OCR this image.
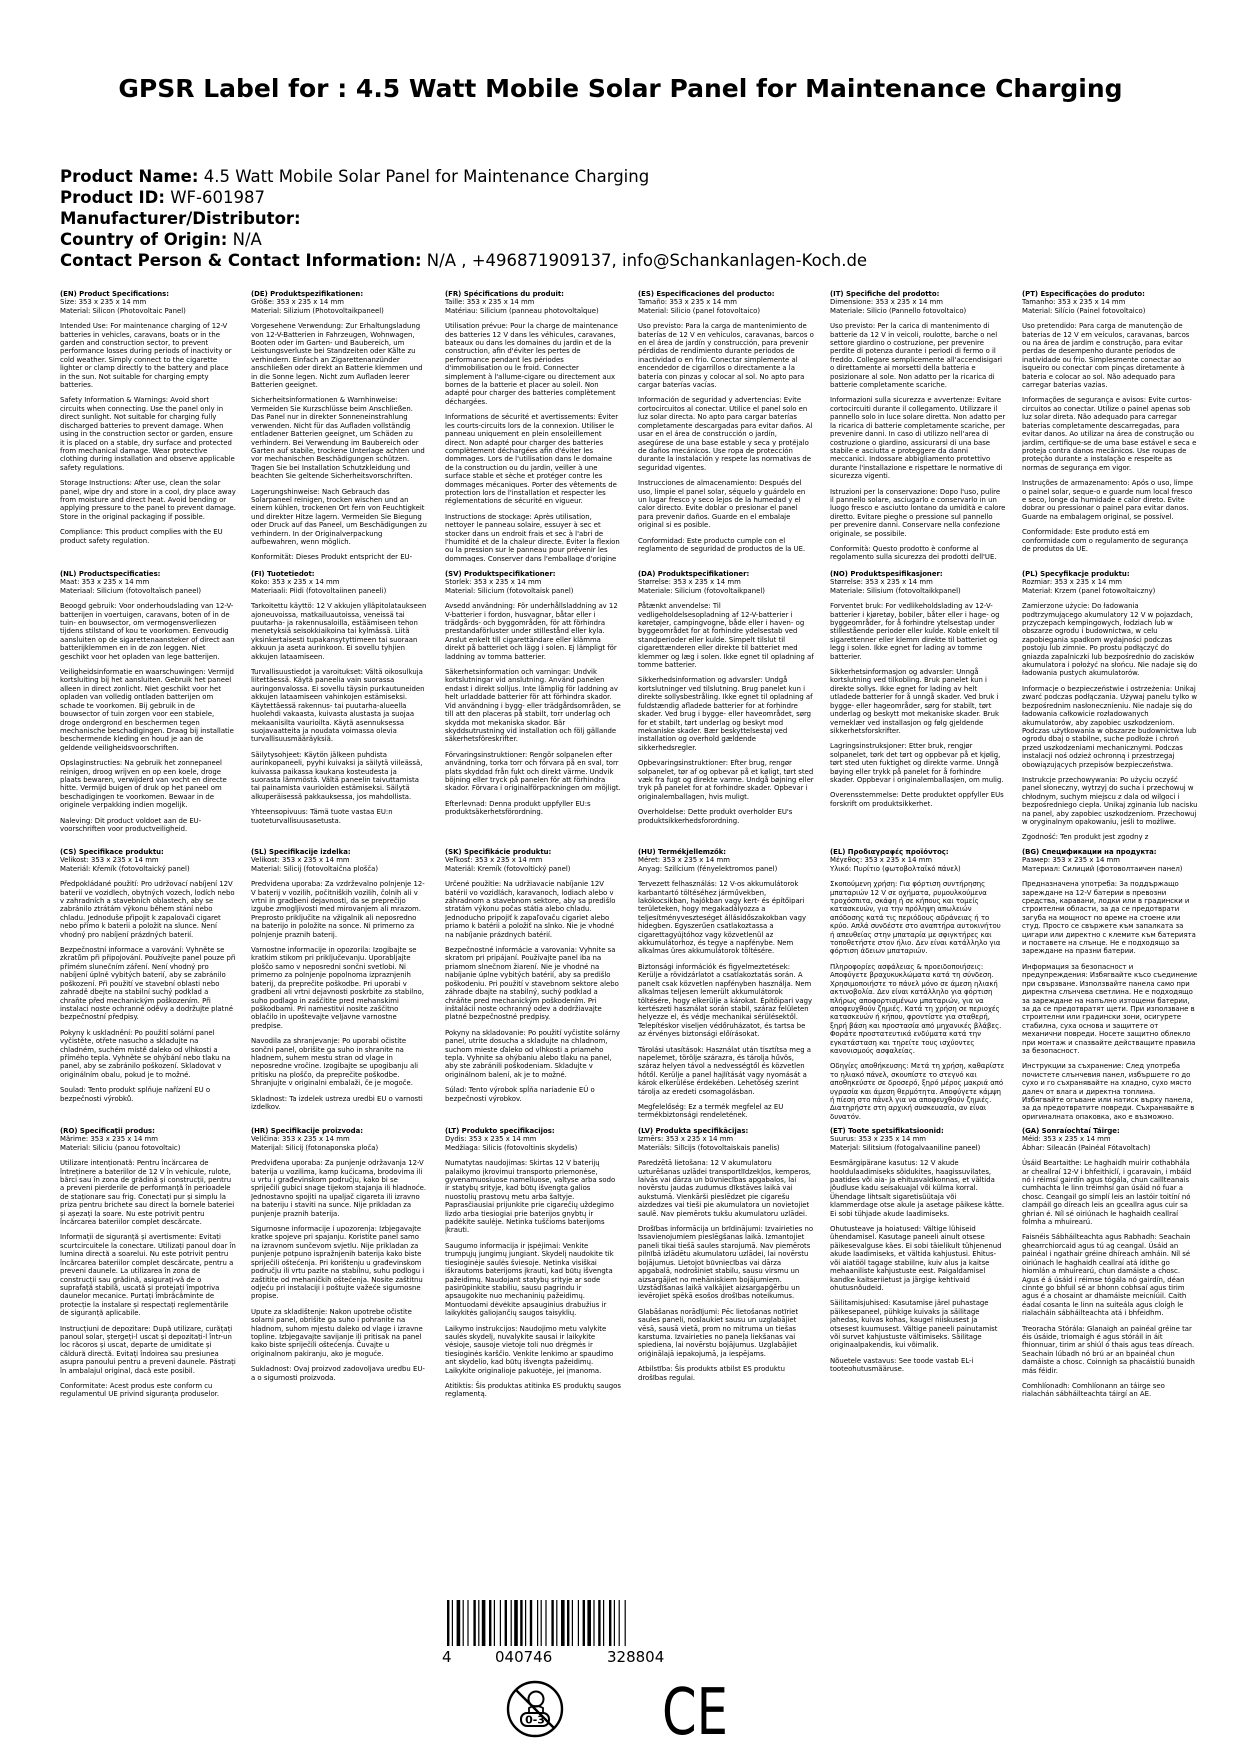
GPSR Label for : 4.5 Watt Mobile Solar Panel for Maintenance Charging
Product Name: 4.5 Watt Mobile Solar Panel for Maintenance Charging
Product ID: WF-601987
Manufacturer/Distributor:
Country of Origin: N/A
Contact Person & Contact Information: N/A , +496871909137, info@Schankanlagen-Koch.de
(EN) Product Specifications:

Size: 353 x 235 x 14 mm
Material: Silicon (Photovoltaic Panel)

Intended Use: For maintenance charging of 12-V batteries in vehicles, caravans, boats or in the garden and construction sector, to prevent performance losses during periods of inactivity or cold weather. Simply connect to the cigarette lighter or clamp directly to the battery and place in the sun. Not suitable for charging empty batteries.

Safety Information & Warnings: Avoid short circuits when connecting. Use the panel only in direct sunlight. Not suitable for charging fully discharged batteries to prevent damage. When using in the construction sector or garden, ensure it is placed on a stable, dry surface and protected from mechanical damage. Wear protective clothing during installation and observe applicable safety regulations.

Storage Instructions: After use, clean the solar panel, wipe dry and store in a cool, dry place away from moisture and direct heat. Avoid bending or applying pressure to the panel to prevent damage. Store in the original packaging if possible.

Compliance: This product complies with the EU product safety regulation.

(DE) Produktspezifikationen:

Größe: 353 x 235 x 14 mm
Material: Silizium (Photovoltaikpaneel)

Vorgesehene Verwendung: Zur Erhaltungsladung von 12-V-Batterien in Fahrzeugen, Wohnwagen, Booten oder im Garten- und Baubereich, um Leistungsverluste bei Standzeiten oder Kälte zu verhindern. Einfach an Zigarettenanzünder anschließen oder direkt an Batterie klemmen und in die Sonne legen. Nicht zum Aufladen leerer Batterien geeignet.

Sicherheitsinformationen & Warnhinweise: Vermeiden Sie Kurzschlüsse beim Anschließen. Das Panel nur in direkter Sonneneinstrahlung verwenden. Nicht für das Aufladen vollständig entladener Batterien geeignet, um Schäden zu verhindern. Bei Verwendung im Baubereich oder Garten auf stabile, trockene Unterlage achten und vor mechanischen Beschädigungen schützen. Tragen Sie bei Installation Schutzkleidung und beachten Sie geltende Sicherheitsvorschriften.

Lagerungshinweise: Nach Gebrauch das Solarpaneel reinigen, trocken wischen und an einem kühlen, trockenen Ort fern von Feuchtigkeit und direkter Hitze lagern. Vermeiden Sie Biegung oder Druck auf das Paneel, um Beschädigungen zu verhindern. In der Originalverpackung aufbewahren, wenn möglich.

Konformität: Dieses Produkt entspricht der EU-

(FR) Spécifications du produit:

Taille: 353 x 235 x 14 mm
Matériau: Silicium (panneau photovoltaïque)

Utilisation prévue: Pour la charge de maintenance des batteries 12 V dans les véhicules, caravanes, bateaux ou dans les domaines du jardin et de la construction, afin d'éviter les pertes de performance pendant les périodes d'immobilisation ou le froid. Connecter simplement à l'allume-cigare ou directement aux bornes de la batterie et placer au soleil. Non adapté pour charger des batteries complètement déchargées.

Informations de sécurité et avertissements: Éviter les courts-circuits lors de la connexion. Utiliser le panneau uniquement en plein ensoleillement direct. Non adapté pour charger des batteries complètement déchargées afin d'éviter les dommages. Lors de l'utilisation dans le domaine de la construction ou du jardin, veiller à une surface stable et sèche et protéger contre les dommages mécaniques. Porter des vêtements de protection lors de l'installation et respecter les réglementations de sécurité en vigueur.

Instructions de stockage: Après utilisation, nettoyer le panneau solaire, essuyer à sec et stocker dans un endroit frais et sec à l'abri de l'humidité et de la chaleur directe. Éviter la flexion ou la pression sur le panneau pour prévenir les dommages. Conserver dans l'emballage d'origine

(ES) Especificaciones del producto:

Tamaño: 353 x 235 x 14 mm
Material: Silicio (panel fotovoltaico)

Uso previsto: Para la carga de mantenimiento de baterías de 12 V en vehículos, caravanas, barcos o en el área de jardín y construcción, para prevenir pérdidas de rendimiento durante periodos de inactividad o en frío. Conectar simplemente al encendedor de cigarrillos o directamente a la batería con pinzas y colocar al sol. No apto para cargar baterías vacías.

Información de seguridad y advertencias: Evite cortocircuitos al conectar. Utilice el panel solo en luz solar directa. No apto para cargar baterías completamente descargadas para evitar daños. Al usar en el área de construcción o jardín, asegúrese de una base estable y seca y protéjalo de daños mecánicos. Use ropa de protección durante la instalación y respete las normativas de seguridad vigentes.

Instrucciones de almacenamiento: Después del uso, limpie el panel solar, séquelo y guárdelo en un lugar fresco y seco lejos de la humedad y el calor directo. Evite doblar o presionar el panel para prevenir daños. Guarde en el embalaje original si es posible.

Conformidad: Este producto cumple con el reglamento de seguridad de productos de la UE.

(IT) Specifiche del prodotto:

Dimensione: 353 x 235 x 14 mm
Materiale: Silicio (Pannello fotovoltaico)

Uso previsto: Per la carica di mantenimento di batterie da 12 V in veicoli, roulotte, barche o nel settore giardino o costruzione, per prevenire perdite di potenza durante i periodi di fermo o il freddo. Collegare semplicemente all'accendisigari o direttamente ai morsetti della batteria e posizionare al sole. Non adatto per la ricarica di batterie completamente scariche.

Informazioni sulla sicurezza e avvertenze: Evitare cortocircuiti durante il collegamento. Utilizzare il pannello solo in luce solare diretta. Non adatto per la ricarica di batterie completamente scariche, per prevenire danni. In caso di utilizzo nell'area di costruzione o giardino, assicurarsi di una base stabile e asciutta e proteggere da danni meccanici. Indossare abbigliamento protettivo durante l'installazione e rispettare le normative di sicurezza vigenti.

Istruzioni per la conservazione: Dopo l'uso, pulire il pannello solare, asciugarlo e conservarlo in un luogo fresco e asciutto lontano da umidità e calore diretto. Evitare pieghe o pressione sul pannello per prevenire danni. Conservare nella confezione originale, se possibile.

Conformità: Questo prodotto è conforme al regolamento sulla sicurezza dei prodotti dell'UE.

(PT) Especificações do produto:

Tamanho: 353 x 235 x 14 mm
Material: Silício (Painel fotovoltaico)

Uso pretendido: Para carga de manutenção de baterias de 12 V em veículos, caravanas, barcos ou na área de jardim e construção, para evitar perdas de desempenho durante períodos de inatividade ou frio. Simplesmente conectar ao isqueiro ou conectar com pinças diretamente à bateria e colocar ao sol. Não adequado para carregar baterias vazias.

Informações de segurança e avisos: Evite curtos-circuitos ao conectar. Utilize o painel apenas sob luz solar direta. Não adequado para carregar baterias completamente descarregadas, para evitar danos. Ao utilizar na área de construção ou jardim, certifique-se de uma base estável e seca e proteja contra danos mecânicos. Use roupas de proteção durante a instalação e respeite as normas de segurança em vigor.

Instruções de armazenamento: Após o uso, limpe o painel solar, seque-o e guarde num local fresco e seco, longe da humidade e calor direto. Evite dobrar ou pressionar o painel para evitar danos. Guarde na embalagem original, se possível.

Conformidade: Este produto está em conformidade com o regulamento de segurança de produtos da UE.

(NL) Productspecificaties:

Maat: 353 x 235 x 14 mm
Materiaal: Silicium (fotovoltaïsch paneel)

Beoogd gebruik: Voor onderhoudslading van 12-V-batterijen in voertuigen, caravans, boten of in de tuin- en bouwsector, om vermogensverliezen tijdens stilstand of kou te voorkomen. Eenvoudig aansluiten op de sigarettenaansteker of direct aan batterijklemmen en in de zon leggen. Niet geschikt voor het opladen van lege batterijen.

Veiligheidsinformatie en waarschuwingen: Vermijd kortsluiting bij het aansluiten. Gebruik het paneel alleen in direct zonlicht. Niet geschikt voor het opladen van volledig ontladen batterijen om schade te voorkomen. Bij gebruik in de bouwsector of tuin zorgen voor een stabiele, droge ondergrond en beschermen tegen mechanische beschadigingen. Draag bij installatie beschermende kleding en houd je aan de geldende veiligheidsvoorschriften.

Opslaginstructies: Na gebruik het zonnepaneel reinigen, droog wrijven en op een koele, droge plaats bewaren, verwijderd van vocht en directe hitte. Vermijd buigen of druk op het paneel om beschadigingen te voorkomen. Bewaar in de originele verpakking indien mogelijk.

Naleving: Dit product voldoet aan de EU-voorschriften voor productveiligheid.

(FI) Tuotetiedot:

Koko: 353 x 235 x 14 mm
Materiaali: Piidi (fotovoltaiinen paneeli)

Tarkoitettu käyttö: 12 V akkujen ylläpitolataukseen ajoneuvoissa, matkailuautoissa, veneissä tai puutarha- ja rakennusaloilla, estäämiseen tehon menetyksiä seisokkiaikoina tai kylmässä. Liitä yksinkertaisesti tupakansytyttimeen tai suoraan akkuun ja aseta aurinkoon. Ei sovellu tyhjien akkujen lataamiseen.

Turvallisuustiedot ja varoitukset: Vältä oikosulkuja liitettäessä. Käytä paneelia vain suorassa auringonvalossa. Ei sovellu täysin purkautuneiden akkujen lataamiseen vahinkojen estämiseksi. Käytettäessä rakennus- tai puutarha-alueella huolehdi vakaasta, kuivasta alustasta ja suojaa mekaanisilta vaurioilta. Käytä asennuksessa suojavaatteita ja noudata voimassa olevia turvallisuusmääräyksiä.

Säilytysohjeet: Käytön jälkeen puhdista aurinkopaneeli, pyyhi kuivaksi ja säilytä viileässä, kuivassa paikassa kaukana kosteudesta ja suorasta lämmöstä. Vältä paneelin taivuttamista tai painamista vaurioiden estämiseksi. Säilytä alkuperäisessä pakkauksessa, jos mahdollista.

Yhteensopivuus: Tämä tuote vastaa EU:n tuoteturvallisuusasetusta.

(SV) Produktspecifikationer:

Storlek: 353 x 235 x 14 mm
Material: Silicium (fotovoltaisk panel)

Avsedd användning: För underhållsladdning av 12 V-batterier i fordon, husvagnar, båtar eller i trädgårds- och byggområden, för att förhindra prestandaförluster under stillestånd eller kyla. Anslut enkelt till cigarettändare eller klämma direkt på batteriet och lägg i solen. Ej lämpligt för laddning av tomma batterier.

Säkerhetsinformation och varningar: Undvik kortslutningar vid anslutning. Använd panelen endast i direkt solljus. Inte lämplig för laddning av helt urladdade batterier för att förhindra skador. Vid användning i bygg- eller trädgårdsområden, se till att den placeras på stabilt, torr underlag och skydda mot mekaniska skador. Bär skyddsutrustning vid installation och följ gällande säkerhetsföreskrifter.

Förvaringsinstruktioner: Rengör solpanelen efter användning, torka torr och förvara på en sval, torr plats skyddad från fukt och direkt värme. Undvik böjning eller tryck på panelen för att förhindra skador. Förvara i originalförpackningen om möjligt.

Efterlevnad: Denna produkt uppfyller EU:s produktsäkerhetsförordning.

(DA) Produktspecifikationer:

Størrelse: 353 x 235 x 14 mm
Materiale: Silicium (fotovoltaikpanel)

Påtænkt anvendelse: Til vedligeholdelsesopladning af 12-V-batterier i køretøjer, campingvogne, både eller i haven- og byggeområdet for at forhindre ydelsestab ved standperioder eller kulde. Simpelt tilslut til cigarettænderen eller direkte til batteriet med klemmer og læg i solen. Ikke egnet til opladning af tomme batterier.

Sikkerhedsinformation og advarsler: Undgå kortslutninger ved tilslutning. Brug panelet kun i direkte sollysbestråling. Ikke egnet til opladning af fuldstændig afladede batterier for at forhindre skader. Ved brug i bygge- eller haveområdet, sørg for et stabilt, tørt underlag og beskyt mod mekaniske skader. Bær beskyttelsestøj ved installation og overhold gældende sikkerhedsregler.

Opbevaringsinstruktioner: Efter brug, rengør solpanelet, tør af og opbevar på et køligt, tørt sted væk fra fugt og direkte varme. Undgå bøjning eller tryk på panelet for at forhindre skader. Opbevar i originalemballagen, hvis muligt.

Overholdelse: Dette produkt overholder EU's produktsikkerhedsforordning.

(NO) Produktspesifikasjoner:

Størrelse: 353 x 235 x 14 mm
Materiale: Silisium (fotovoltaikkpanel)

Forventet bruk: For vedlikeholdslading av 12-V-batterier i kjøretøy, bobiler, båter eller i hage- og byggeområder, for å forhindre ytelsestap under stillestående perioder eller kulde. Koble enkelt til sigarettenner eller klemm direkte til batteriet og legg i solen. Ikke egnet for lading av tomme batterier.

Sikkerhetsinformasjon og advarsler: Unngå kortslutning ved tilkobling. Bruk panelet kun i direkte sollys. Ikke egnet for lading av helt utladede batterier for å unngå skader. Ved bruk i bygge- eller hageområder, sørg for stabilt, tørt underlag og beskytt mot mekaniske skader. Bruk verneklær ved installasjon og følg gjeldende sikkerhetsforskrifter.

Lagringsinstruksjoner: Etter bruk, rengjør solpanelet, tørk det tørt og oppbevar på et kjølig, tørt sted uten fuktighet og direkte varme. Unngå bøying eller trykk på panelet for å forhindre skader. Oppbevar i originalemballasjen, om mulig.

Overensstemmelse: Dette produktet oppfyller EUs forskrift om produktsikkerhet.

(PL) Specyfikacje produktu:

Rozmiar: 353 x 235 x 14 mm
Materiał: Krzem (panel fotowoltaiczny)

Zamierzone użycie: Do ładowania podtrzymującego akumulatory 12 V w pojazdach, przyczepach kempingowych, łodziach lub w obszarze ogrodu i budownictwa, w celu zapobiegania spadkom wydajności podczas postoju lub zimnie. Po prostu podłączyć do gniazda zapalniczki lub bezpośrednio do zacisków akumulatora i położyć na słońcu. Nie nadaje się do ładowania pustych akumulatorów.

Informacje o bezpieczeństwie i ostrzeżenia: Unikaj zwarć podczas podłączania. Używaj panelu tylko w bezpośrednim nasłonecznieniu. Nie nadaje się do ładowania całkowicie rozładowanych akumulatorów, aby zapobiec uszkodzeniom. Podczas użytkowania w obszarze budownictwa lub ogrodu dbaj o stabilne, suche podłoże i chroń przed uszkodzeniami mechanicznymi. Podczas instalacji noś odzież ochronną i przestrzegaj obowiązujących przepisów bezpieczeństwa.

Instrukcje przechowywania: Po użyciu oczyść panel słoneczny, wytrzyj do sucha i przechowuj w chłodnym, suchym miejscu z dala od wilgoci i bezpośredniego ciepła. Unikaj zginania lub nacisku na panel, aby zapobiec uszkodzeniom. Przechowuj w oryginalnym opakowaniu, jeśli to możliwe.

Zgodność: Ten produkt jest zgodny z

(CS) Specifikace produktu:

Velikost: 353 x 235 x 14 mm
Materiál: Křemík (fotovoltaický panel)

Předpokládané použití: Pro udržovací nabíjení 12V baterií ve vozidlech, obytných vozech, lodích nebo v zahradních a stavebních oblastech, aby se zabránilo ztrátám výkonu během stání nebo chladu. Jednoduše připojit k zapalovači cigaret nebo přímo k baterii a položit na slunce. Není vhodný pro nabíjení prázdných baterií.

Bezpečnostní informace a varování: Vyhněte se zkratům při připojování. Používejte panel pouze při přímém slunečním záření. Není vhodný pro nabíjení úplně vybitých baterií, aby se zabránilo poškození. Při použití ve stavební oblasti nebo zahradě dbejte na stabilní suchý podklad a chraňte před mechanickým poškozením. Při instalaci noste ochranné oděvy a dodržujte platné bezpečnostní předpisy.

Pokyny k uskladnění: Po použití solární panel vyčistěte, otřete nasucho a skladujte na chladném, suchém místě daleko od vlhkosti a přímého tepla. Vyhněte se ohýbání nebo tlaku na panel, aby se zabránilo poškození. Skladovat v originálním obalu, pokud je to možné.

Soulad: Tento produkt splňuje nařízení EU o bezpečnosti výrobků.

(SL) Specifikacije izdelka:

Velikost: 353 x 235 x 14 mm
Material: Silicij (fotovoltaična plošča)

Predvidena uporaba: Za vzdrževalno polnjenje 12-V baterij v vozilih, počitniških vozilih, čolnih ali v vrtni in gradbeni dejavnosti, da se preprečijo izgube zmogljivosti med mirovanjem ali mrazom. Preprosto priključite na vžigalnik ali neposredno na baterijo in položite na sonce. Ni primerno za polnjenje praznih baterij.

Varnostne informacije in opozorila: Izogibajte se kratkim stikom pri priključevanju. Uporabljajte ploščo samo v neposredni sončni svetlobi. Ni primerno za polnjenje popolnoma izpraznjenih baterij, da preprečite poškodbe. Pri uporabi v gradbeni ali vrtni dejavnosti poskrbite za stabilno, suho podlago in zaščitite pred mehanskimi poškodbami. Pri namestitvi nosite zaščitno oblačilo in upoštevajte veljavne varnostne predpise.

Navodila za shranjevanje: Po uporabi očistite sončni panel, obrišite ga suho in shranite na hladnem, suhem mestu stran od vlage in neposredne vročine. Izogibajte se upogibanju ali pritisku na ploščo, da preprečite poškodbe. Shranjujte v originalni embalaži, če je mogoče.

Skladnost: Ta izdelek ustreza uredbi EU o varnosti izdelkov.

(SK) Špecifikácie produktu:

Veľkosť: 353 x 235 x 14 mm
Materiál: Kremík (fotovoltický panel)

Určené použitie: Na udržiavacie nabíjanie 12V batérií vo vozidlách, karavanoch, lodiach alebo v záhradnom a stavebnom sektore, aby sa predišlo stratám výkonu počas státia alebo chladu. Jednoducho pripojiť k zapaľovaču cigariet alebo priamo k batérii a položiť na slnko. Nie je vhodné na nabíjanie prázdnych batérií.

Bezpečnostné informácie a varovania: Vyhnite sa skratom pri pripájaní. Používajte panel iba na priamom slnečnom žiarení. Nie je vhodné na nabíjanie úplne vybitých batérií, aby sa predišlo poškodeniu. Pri použití v stavebnom sektore alebo záhrade dbajte na stabilný, suchý podklad a chráňte pred mechanickým poškodením. Pri inštalácii noste ochranný odev a dodržiavajte platné bezpečnostné predpisy.

Pokyny na skladovanie: Po použití vyčistite solárny panel, utrite dosucha a skladujte na chladnom, suchom mieste ďaleko od vlhkosti a priameho tepla. Vyhnite sa ohýbaniu alebo tlaku na panel, aby ste zabránili poškodeniam. Skladujte v originálnom balení, ak je to možné.

Súlad: Tento výrobok spĺňa nariadenie EÚ o bezpečnosti výrobkov.

(HU) Termékjellemzők:

Méret: 353 x 235 x 14 mm
Anyag: Szilícium (fényelektromos panel)

Tervezett felhasználás: 12 V-os akkumulátorok karbantartó töltéséhez járművekben, lakókocsikban, hajókban vagy kert- és építőipari területeken, hogy megakadályozza a teljesítményveszteséget állásidőszakokban vagy hidegben. Egyszerűen csatlakoztassa a cigarettagyújtóhoz vagy közvetlenül az akkumulátorhoz, és tegye a napfénybe. Nem alkalmas üres akkumulátorok töltésére.

Biztonsági információk és figyelmeztetések: Kerülje a rövidzárlatot a csatlakoztatás során. A panelt csak közvetlen napfényben használja. Nem alkalmas teljesen lemerült akkumulátorok töltésére, hogy elkerülje a károkat. Építőipari vagy kertészeti használat során stabil, száraz felületen helyezze el, és védje mechanikai sérülésektől. Telepítéskor viseljen védőruházatot, és tartsa be az érvényes biztonsági előírásokat.

Tárolási utasítások: Használat után tisztítsa meg a napelemet, törölje szárazra, és tárolja hűvös, száraz helyen távol a nedvességtől és közvetlen hőtől. Kerülje a panel hajlítását vagy nyomását a károk elkerülése érdekében. Lehetőség szerint tárolja az eredeti csomagolásban.

Megfelelőség: Ez a termék megfelel az EU termékbiztonsági rendeletének.

(EL) Προδιαγραφές προϊόντος:

Μέγεθος: 353 x 235 x 14 mm
Υλικό: Πυρίτιο (φωτοβολταϊκό πάνελ)

Σκοπούμενη χρήση: Για φόρτιση συντήρησης μπαταριών 12 V σε οχήματα, ρυμουλκούμενα τροχόσπιτα, σκάφη ή σε κήπους και τομείς κατασκευών, για την πρόληψη απωλειών απόδοσης κατά τις περιόδους αδράνειας ή το κρύο. Απλά συνδέστε στο αναπτήρα αυτοκινήτου ή απευθείας στην μπαταρία με σφιγκτήρες και τοποθετήστε στον ήλιο. Δεν είναι κατάλληλο για φόρτιση άδειων μπαταριών.

Πληροφορίες ασφάλειας & προειδοποιήσεις: Αποφύγετε βραχυκυκλώματα κατά τη σύνδεση. Χρησιμοποιήστε το πάνελ μόνο σε άμεση ηλιακή ακτινοβολία. Δεν είναι κατάλληλο για φόρτιση πλήρως αποφορτισμένων μπαταριών, για να αποφευχθούν ζημιές. Κατά τη χρήση σε περιοχές κατασκευών ή κήπου, φροντίστε για σταθερή, ξηρή βάση και προστασία από μηχανικές βλάβες. Φοράτε προστατευτικά ενδύματα κατά την εγκατάσταση και τηρείτε τους ισχύοντες κανονισμούς ασφαλείας.

Οδηγίες αποθήκευσης: Μετά τη χρήση, καθαρίστε το ηλιακό πάνελ, σκουπίστε το στεγνό και αποθηκεύστε σε δροσερό, ξηρό μέρος μακριά από υγρασία και άμεση θερμότητα. Αποφύγετε κάμψη ή πίεση στο πάνελ για να αποφευχθούν ζημιές. Διατηρήστε στη αρχική συσκευασία, αν είναι δυνατόν.

(BG) Спецификации на продукта:

Размер: 353 x 235 x 14 mm
Материал: Силиций (фотоволтаичен панел)

Предназначена употреба: За поддържащо зареждане на 12-V батерии в превозни средства, каравани, лодки или в градински и строителни области, за да се предотврати загуба на мощност по време на стоене или студ. Просто се свържете към запалката за цигари или директно с клемите към батерията и поставете на слънце. Не е подходящо за зареждане на празни батерии.

Информация за безопасност и предупреждения: Избягвайте късо съединение при свързване. Използвайте панела само при директна слънчева светлина. Не е подходящо за зареждане на напълно изтощени батерии, за да се предотвратят щети. При използване в строителни или градински зони, осигурете стабилна, суха основа и защитете от механични повреди. Носете защитно облекло при монтаж и спазвайте действащите правила за безопасност.

Инструкции за съхранение: След употреба почистете слънчевия панел, избършете го до сухо и го съхранявайте на хладно, сухо място далеч от влага и директна топлина. Избягвайте огъване или натиск върху панела, за да предотвратите повреди. Съхранявайте в оригиналната опаковка, ако е възможно.

(RO) Specificații produs:

Mărime: 353 x 235 x 14 mm
Material: Siliciu (panou fotovoltaic)

Utilizare intenționată: Pentru încărcarea de întreținere a bateriilor de 12 V în vehicule, rulote, bărci sau în zona de grădină și construcții, pentru a preveni pierderile de performanță în perioadele de staționare sau frig. Conectați pur și simplu la priza pentru brichete sau direct la bornele bateriei și așezați la soare. Nu este potrivit pentru încărcarea bateriilor complet descărcate.

Informații de siguranță și avertismente: Evitați scurtcircuitele la conectare. Utilizați panoul doar în lumina directă a soarelui. Nu este potrivit pentru încărcarea bateriilor complet descărcate, pentru a preveni daunele. La utilizarea în zona de construcții sau grădină, asigurați-vă de o suprafață stabilă, uscată și protejați împotriva daunelor mecanice. Purtați îmbrăcăminte de protecție la instalare și respectați reglementările de siguranță aplicabile.

Instrucțiuni de depozitare: După utilizare, curățați panoul solar, ștergeți-l uscat și depozitați-l într-un loc răcoros și uscat, departe de umiditate și căldură directă. Evitați îndoirea sau presiunea asupra panoului pentru a preveni daunele. Păstrați în ambalajul original, dacă este posibil.

Conformitate: Acest produs este conform cu regulamentul UE privind siguranța produselor.

(HR) Specifikacije proizvoda:

Veličina: 353 x 235 x 14 mm
Materijal: Silicij (fotonaponska ploča)

Predviđena uporaba: Za punjenje održavanja 12-V baterija u vozilima, kamp kućicama, brodovima ili u vrtu i građevinskom području, kako bi se spriječili gubici snage tijekom stajanja ili hladnoće. Jednostavno spojiti na upaljač cigareta ili izravno na bateriju i staviti na sunce. Nije prikladan za punjenje praznih baterija.

Sigurnosne informacije i upozorenja: Izbjegavajte kratke spojeve pri spajanju. Koristite panel samo na izravnom sunčevom svjetlu. Nije prikladan za punjenje potpuno ispražnjenih baterija kako biste spriječili oštećenja. Pri korištenju u građevinskom području ili vrtu pazite na stabilnu, suhu podlogu i zaštitite od mehaničkih oštećenja. Nosite zaštitnu odjeću pri instalaciji i poštujte važeće sigurnosne propise.

Upute za skladištenje: Nakon upotrebe očistite solarni panel, obrišite ga suho i pohranite na hladnom, suhom mjestu daleko od vlage i izravne topline. Izbjegavajte savijanje ili pritisak na panel kako biste spriječili oštećenja. Čuvajte u originalnom pakiranju, ako je moguće.

Sukladnost: Ovaj proizvod zadovoljava uredbu EU-a o sigurnosti proizvoda.

(LT) Produkto specifikacijos:

Dydis: 353 x 235 x 14 mm
Medžiaga: Silicis (fotovoltinis skydelis)

Numatytas naudojimas: Skirtas 12 V baterijų palaikymo įkrovimui transporto priemonėse, gyvenamuosiuose nameliuose, valtyse arba sodo ir statybų srityje, kad būtų išvengta galios nuostolių prastovų metu arba šaltyje. Paprasčiausiai prijunkite prie cigarečių uždegimo lizdo arba tiesiogiai prie baterijos gnybtų ir padėkite saulėje. Netinka tuščioms baterijoms įkrauti.

Saugumo informacija ir įspėjimai: Venkite trumpųjų jungimų jungiant. Skydelį naudokite tik tiesioginėje saulės šviesoje. Netinka visiškai iškrautoms baterijoms įkrauti, kad būtų išvengta pažeidimų. Naudojant statybų srityje ar sode pasirūpinkite stabiliu, sausu pagrindu ir apsaugokite nuo mechaninių pažeidimų. Montuodami dėvėkite apsauginius drabužius ir laikykitės galiojančių saugos taisyklių.

Laikymo instrukcijos: Naudojimo metu valykite saulės skydelį, nuvalykite sausai ir laikykite vėsioje, sausoje vietoje toli nuo drėgmės ir tiesioginės karščio. Venkite lenkimo ar spaudimo ant skydelio, kad būtų išvengta pažeidimų. Laikykite originalioje pakuotėje, jei įmanoma.

Atitiktis: Šis produktas atitinka ES produktų saugos reglamentą.

(LV) Produkta specifikācijas:

Izmērs: 353 x 235 x 14 mm
Materiāls: Silīcijs (fotovoltaiskais panelis)

Paredzētā lietošana: 12 V akumulatoru uzturēšanas uzlādei transportlīdzekļos, kemperos, laivās vai dārza un būvniecības apgabalos, lai novērstu jaudas zudumus dīkstāves laikā vai aukstumā. Vienkārši pieslēdzet pie cigarešu aizdedzes vai tieši pie akumulatora un novietojiet saulē. Nav piemērots tukšu akumulatoru uzlādei.

Drošības informācija un brīdinājumi: Izvairieties no īssavienojumiem pieslēgšanas laikā. Izmantojiet paneli tikai tiešā saules starojumā. Nav piemērots pilnībā izlādētu akumulatoru uzlādei, lai novērstu bojājumus. Lietojot būvniecības vai dārza apgabalā, nodrošiniet stabilu, sausu virsmu un aizsargājiet no mehāniskiem bojājumiem. Uzstādīšanas laikā valkājiet aizsargapģērbu un ievērojiet spēkā esošos drošības noteikumus.

Glabāšanas norādījumi: Pēc lietošanas notīriet saules paneli, noslaukiet sausu un uzglabājiet vēsā, sausā vietā, prom no mitruma un tiešas karstuma. Izvairieties no paneļa liekšanas vai spiediena, lai novērstu bojājumus. Uzglabājiet oriģinālajā iepakojumā, ja iespējams.

Atbilstība: Šis produkts atbilst ES produktu drošības regulai.

(ET) Toote spetsifikatsioonid:

Suurus: 353 x 235 x 14 mm
Materjal: Silitsium (fotogalvaaniline paneel)

Eesmärgipärane kasutus: 12 V akude hooldulaadimiseks sõidukites, haagissuvilates, paatides või aia- ja ehitusvaldkonnas, et vältida jõudluse kadu seisakuajal või külma korral. Ühendage lihtsalt sigaretisüütaja või klammerdage otse akule ja asetage päikese kätte. Ei sobi tühjade akude laadimiseks.

Ohutusteave ja hoiatused: Vältige lühiseid ühendamisel. Kasutage paneeli ainult otsese päikesevalguse käes. Ei sobi täielikult tühjenenud akude laadimiseks, et vältida kahjustusi. Ehitus- või aiatööl tagage stabiilne, kuiv alus ja kaitse mehaaniliste kahjustuste eest. Paigaldamisel kandke kaitseriietust ja järgige kehtivaid ohutusnõudeid.

Säilitamisjuhised: Kasutamise järel puhastage päikesepaneel, pühkige kuivaks ja säilitage jahedas, kuivas kohas, kaugel niiskusest ja otsesest kuumusest. Vältige paneeli painutamist või survet kahjustuste vältimiseks. Säilitage originaalpakendis, kui võimalik.

Nõuetele vastavus: See toode vastab EL-i tooteohutusmääruse.

(GA) Sonraíochtaí Táirge:

Méid: 353 x 235 x 14 mm
Ábhar: Sileacán (Painéal Fótavoltach)

Úsáid Beartaithe: Le haghaidh muirir cothabhála ar cheallraí 12-V i bhfeithiclí, i gcaravain, i mbáid nó i réimsí gairdín agus tógála, chun caillteanais cumhachta le linn tréimhsí gan úsáid nó fuar a chosc. Ceangail go simplí leis an lastóir toitíní nó clampáil go díreach leis an gceallra agus cuir sa ghrian é. Níl sé oiriúnach le haghaidh ceallraí folmha a mhuirearú.

Faisnéis Sábháilteachta agus Rabhadh: Seachain ghearrchiorcaid agus tú ag ceangal. Úsáid an painéal i ngathair gréine dhíreach amháin. Níl sé oiriúnach le haghaidh ceallraí atá ídithe go hiomlán a mhuirearú, chun damáiste a chosc. Agus é á úsáid i réimse tógála nó gairdín, déan cinnte go bhfuil sé ar bhonn cobhsaí agus tirim agus é a chosaint ar dhamáiste meicniúil. Caith éadaí cosanta le linn na suiteála agus cloígh le rialacháin sábháilteachta atá i bhfeidhm.

Treoracha Stórála: Glanaigh an painéal gréine tar éis úsáide, triomaigh é agus stóráil in áit fhionnuar, tirim ar shiúl ó thais agus teas díreach. Seachain lúbadh nó brú ar an bpainéal chun damáiste a chosc. Coinnigh sa phacáistiú bunaidh más féidir.

Comhlíonadh: Comhlíonann an táirge seo rialachán sábháilteachta táirgí an AE.

4	040746	328804
0-3 CE
